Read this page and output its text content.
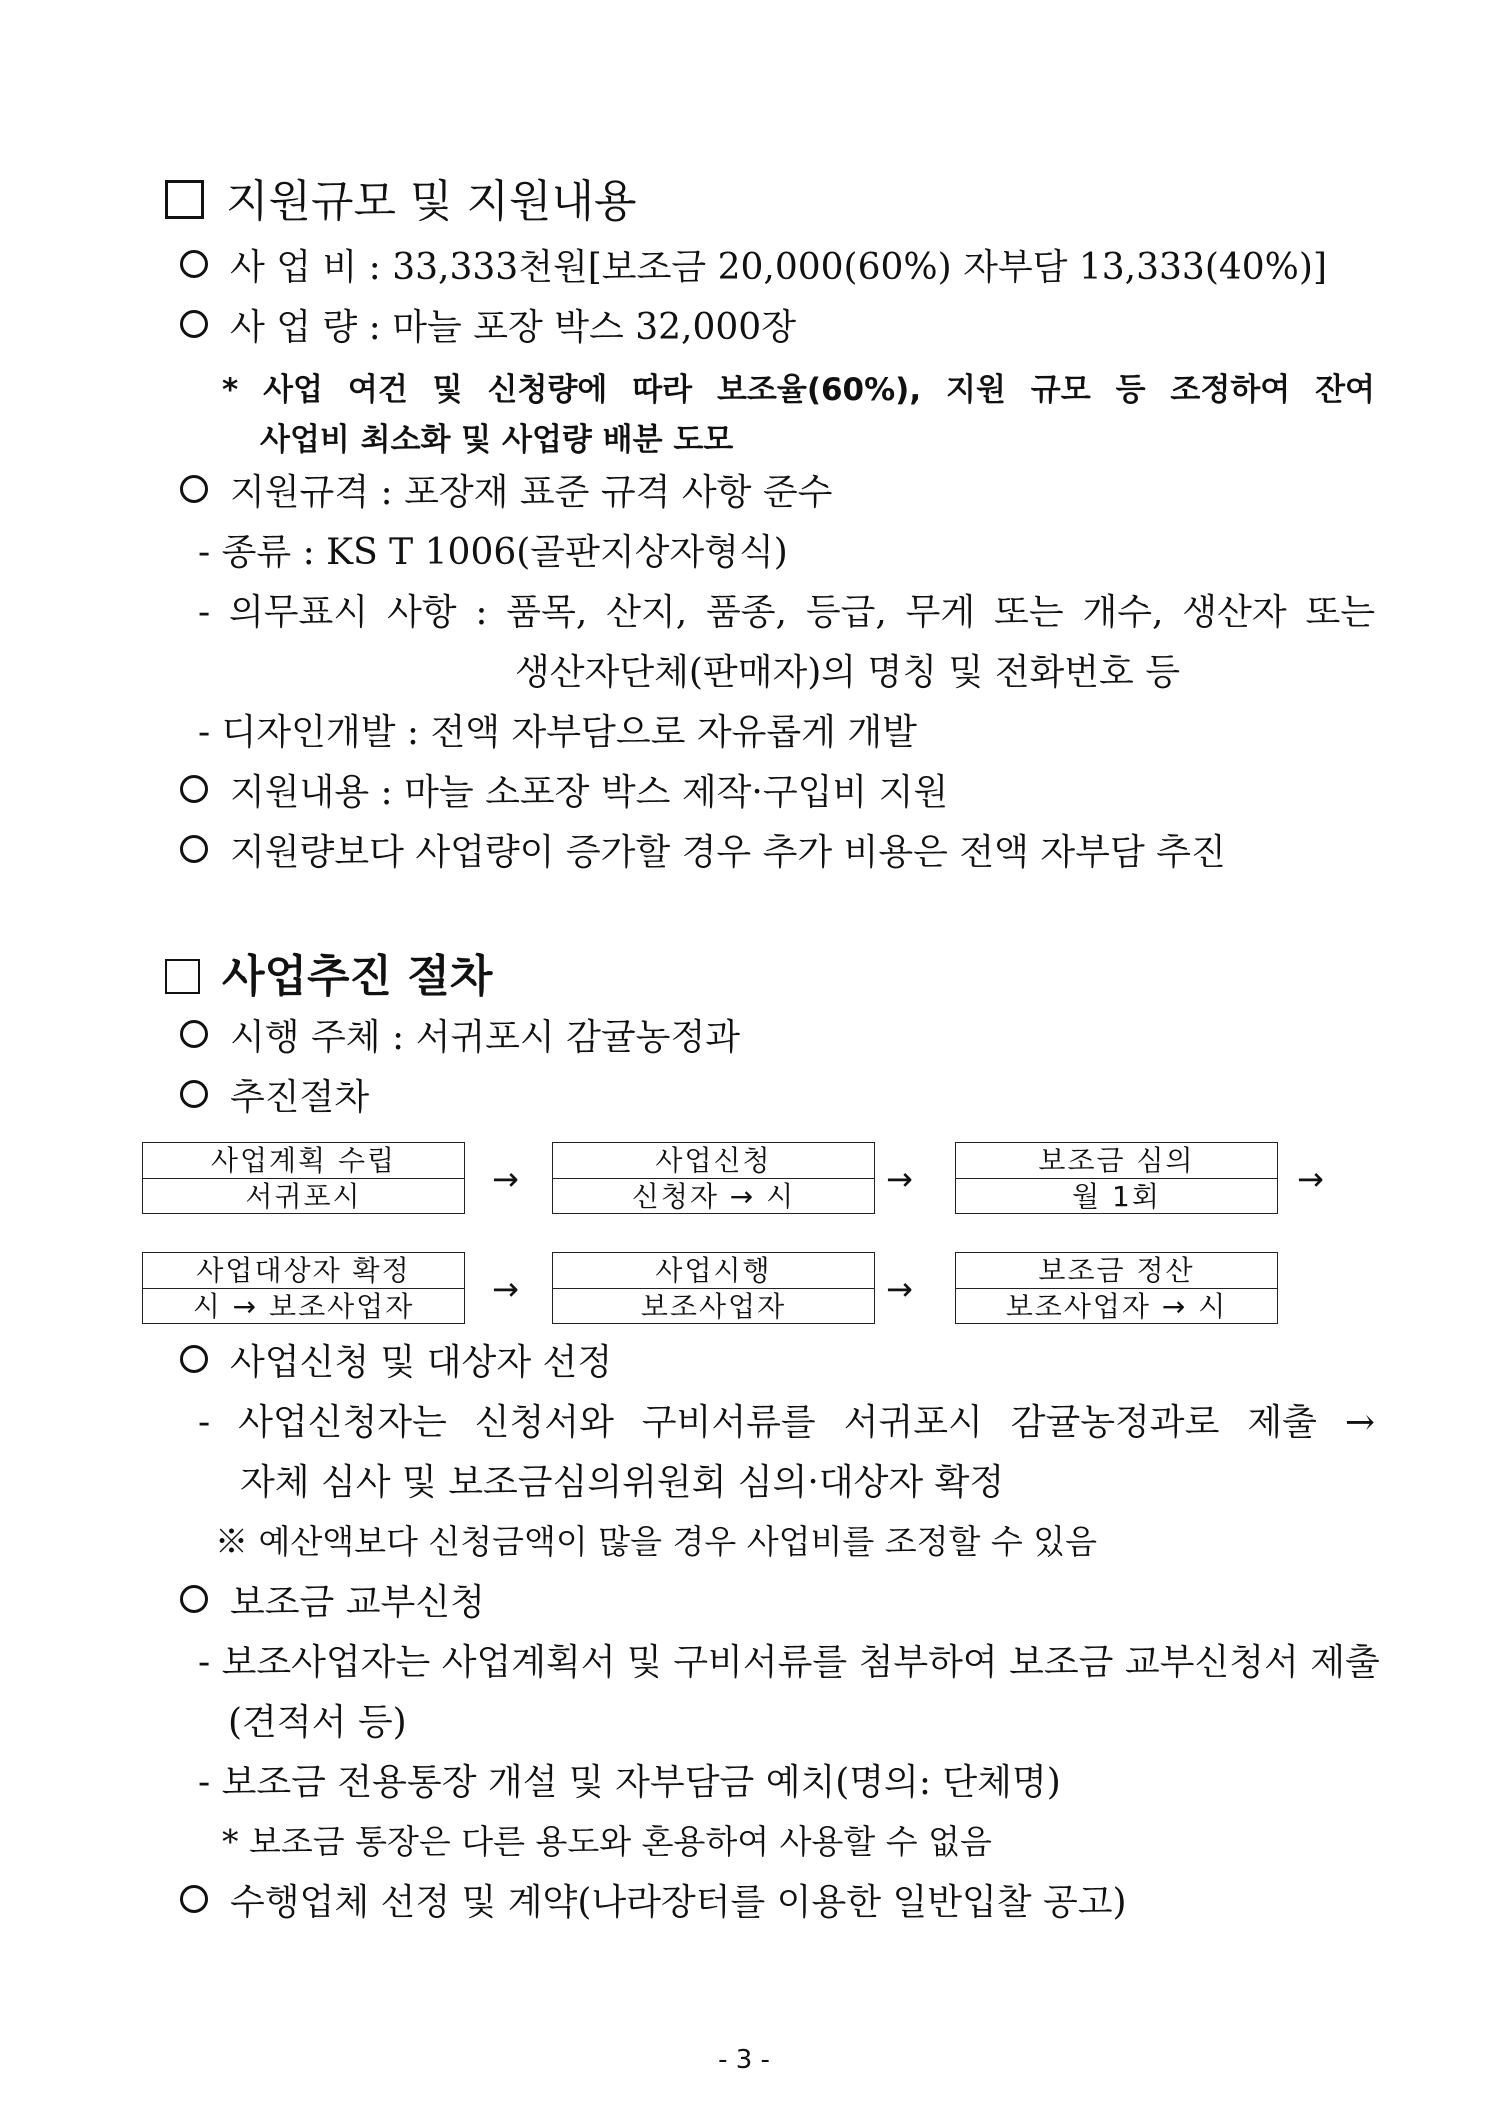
지원규모 및 지원내용
사 업 비 : 33,333천원[보조금 20,000(60%) 자부담 13,333(40%)]
사 업 량 : 마늘 포장 박스 32,000장
* 사업 여건 및 신청량에 따라 보조율(60%), 지원 규모 등 조정하여 잔여
사업비 최소화 및 사업량 배분 도모
지원규격 : 포장재 표준 규격 사항 준수
- 종류 : KS T 1006(골판지상자형식)
- 의무표시 사항 : 품목, 산지, 품종, 등급, 무게 또는 개수, 생산자 또는
생산자단체(판매자)의 명칭 및 전화번호 등
- 디자인개발 : 전액 자부담으로 자유롭게 개발
지원내용 : 마늘 소포장 박스 제작·구입비 지원
지원량보다 사업량이 증가할 경우 추가 비용은 전액 자부담 추진
사업추진 절차
시행 주체 : 서귀포시 감귤농정과
추진절차
사업계획 수립
서귀포시	→	사업신청
신청자 → 시	→	보조금 심의
월 1회	→
사업대상자 확정
시 → 보조사업자	→	사업시행
보조사업자	→	보조금 정산
보조사업자 → 시
사업신청 및 대상자 선정
- 사업신청자는 신청서와 구비서류를 서귀포시 감귤농정과로 제출 →
자체 심사 및 보조금심의위원회 심의·대상자 확정
※ 예산액보다 신청금액이 많을 경우 사업비를 조정할 수 있음
보조금 교부신청
- 보조사업자는 사업계획서 및 구비서류를 첨부하여 보조금 교부신청서 제출
(견적서 등)
- 보조금 전용통장 개설 및 자부담금 예치(명의: 단체명)
* 보조금 통장은 다른 용도와 혼용하여 사용할 수 없음
수행업체 선정 및 계약(나라장터를 이용한 일반입찰 공고)
- 3 -
